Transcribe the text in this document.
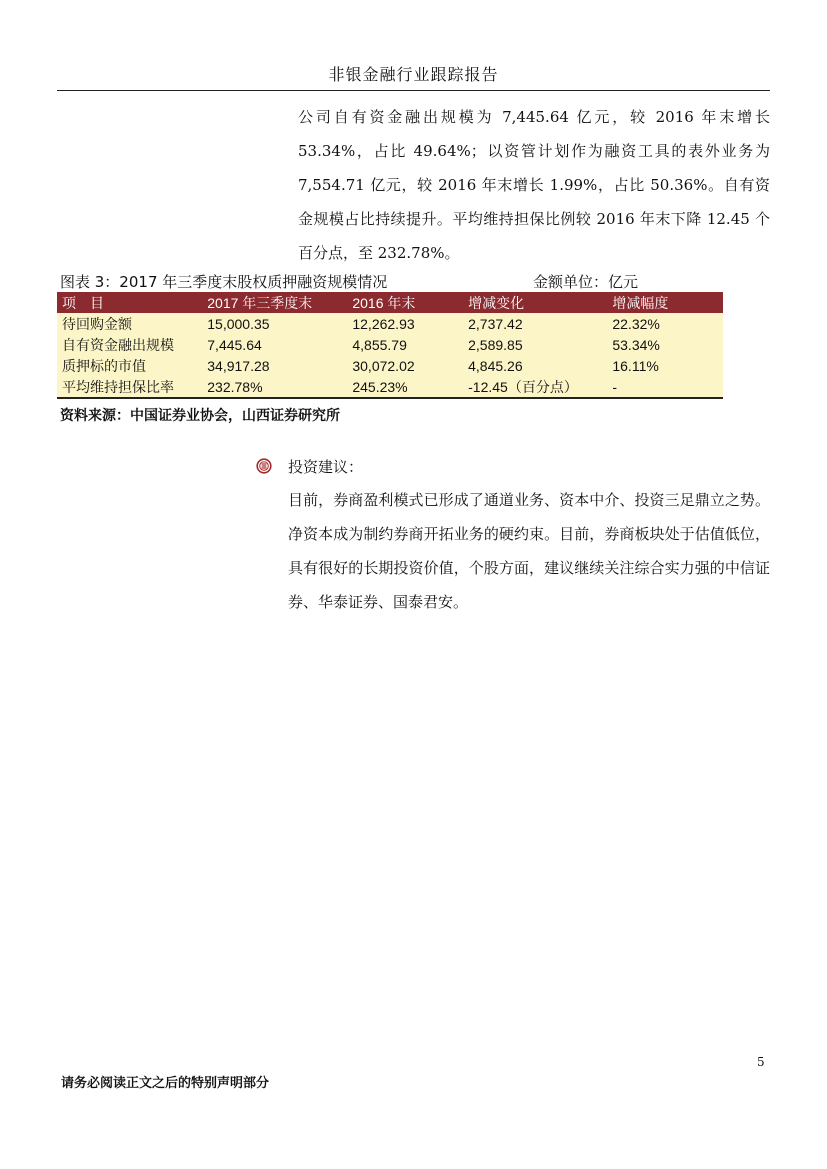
非银金融行业跟踪报告
公司自有资金融出规模为 7,445.64 亿元，较 2016 年末增长 53.34%，占比 49.64%；以资管计划作为融资工具的表外业务为 7,554.71 亿元，较 2016 年末增长 1.99%，占比 50.36%。自有资金规模占比持续提升。平均维持担保比例较 2016 年末下降 12.45 个百分点，至 232.78%。
图表 3：2017 年三季度末股权质押融资规模情况	金额单位：亿元
项　目	2017 年三季度末	2016 年末	增减变化	增减幅度
待回购金额	15,000.35	12,262.93	2,737.42	22.32%
自有资金融出规模	7,445.64	4,855.79	2,589.85	53.34%
质押标的市值	34,917.28	30,072.02	4,845.26	16.11%
平均维持担保比率	232.78%	245.23%	-12.45（百分点）	-
资料来源：中国证券业协会，山西证券研究所
投资建议：
目前，券商盈利模式已形成了通道业务、资本中介、投资三足鼎立之势。净资本成为制约券商开拓业务的硬约束。目前，券商板块处于估值低位，具有很好的长期投资价值，个股方面，建议继续关注综合实力强的中信证券、华泰证券、国泰君安。
5
请务必阅读正文之后的特别声明部分
